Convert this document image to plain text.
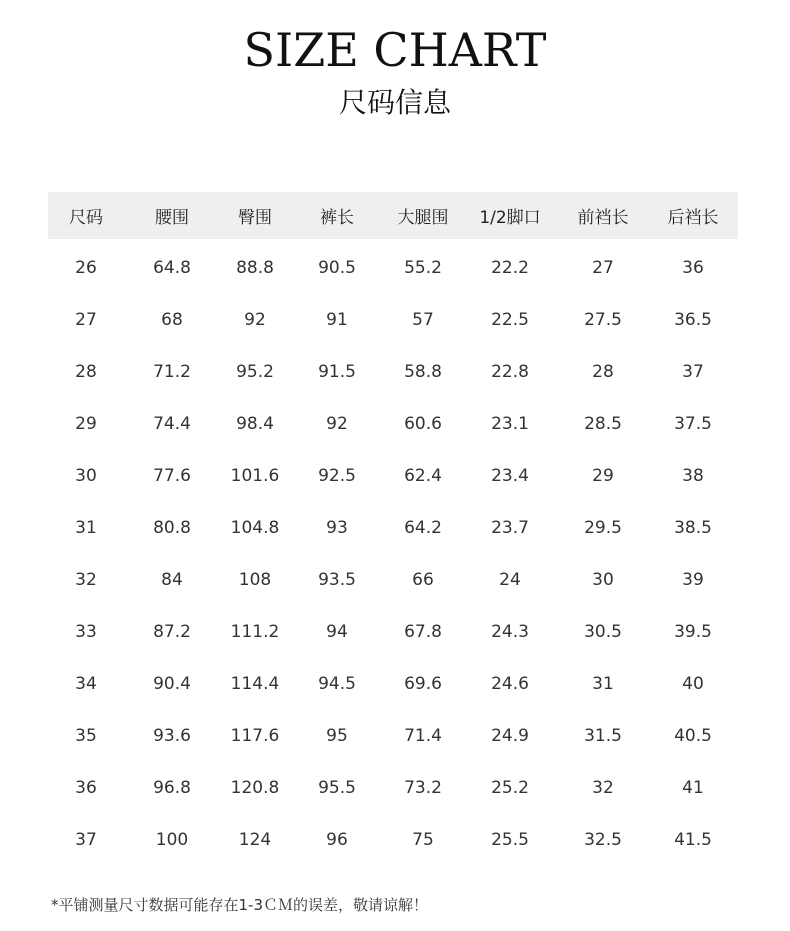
SIZE CHART
尺码信息
尺码	腰围	臀围	裤长	大腿围	1/2脚口	前裆长	后裆长
26	64.8	88.8	90.5	55.2	22.2	27	36
27	68	92	91	57	22.5	27.5	36.5
28	71.2	95.2	91.5	58.8	22.8	28	37
29	74.4	98.4	92	60.6	23.1	28.5	37.5
30	77.6	101.6	92.5	62.4	23.4	29	38
31	80.8	104.8	93	64.2	23.7	29.5	38.5
32	84	108	93.5	66	24	30	39
33	87.2	111.2	94	67.8	24.3	30.5	39.5
34	90.4	114.4	94.5	69.6	24.6	31	40
35	93.6	117.6	95	71.4	24.9	31.5	40.5
36	96.8	120.8	95.5	73.2	25.2	32	41
37	100	124	96	75	25.5	32.5	41.5
*平铺测量尺寸数据可能存在1-3ＣＭ的误差，敬请谅解！
